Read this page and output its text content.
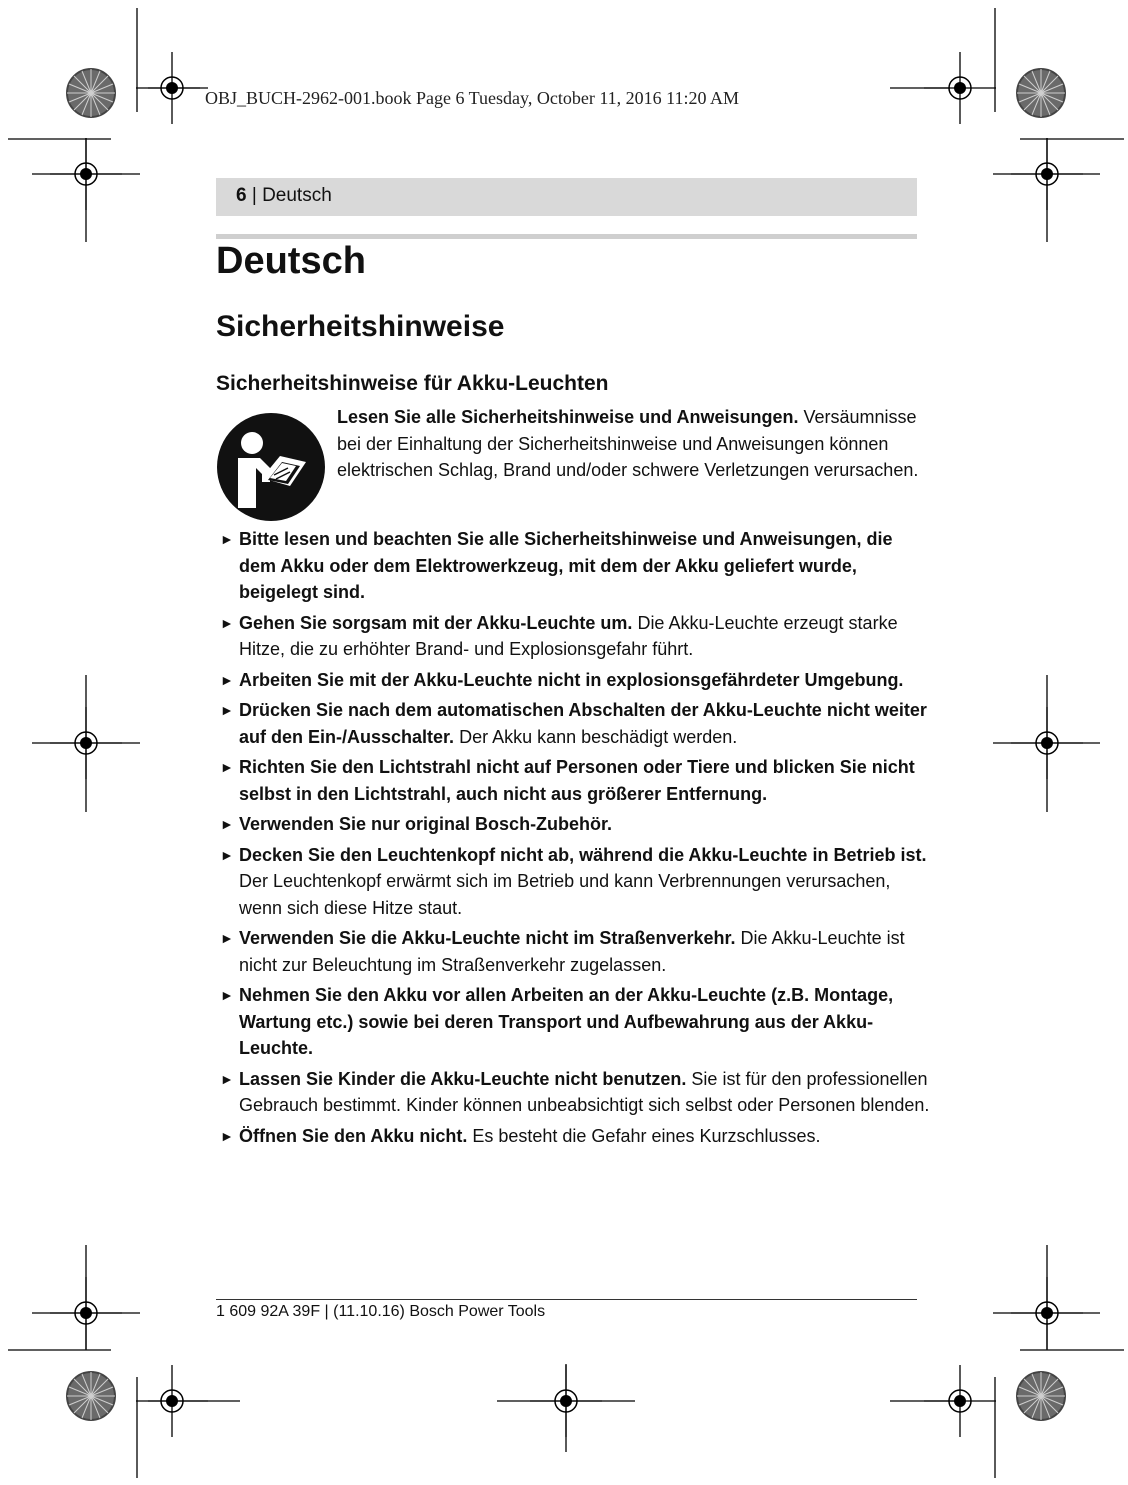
OBJ_BUCH-2962-001.book Page 6 Tuesday, October 11, 2016 11:20 AM
6 | Deutsch
Deutsch
Sicherheitshinweise
Sicherheitshinweise für Akku-Leuchten
Lesen Sie alle Sicherheitshinweise und Anweisungen. Versäumnisse bei der Einhaltung der Sicherheitshinweise und Anweisungen können elektrischen Schlag, Brand und/oder schwere Verletzungen verursachen.
► Bitte lesen und beachten Sie alle Sicherheitshinweise und Anweisungen, die dem Akku oder dem Elektrowerkzeug, mit dem der Akku geliefert wurde, beigelegt sind.
► Gehen Sie sorgsam mit der Akku-Leuchte um. Die Akku-Leuchte erzeugt starke Hitze, die zu erhöhter Brand- und Explosionsgefahr führt.
► Arbeiten Sie mit der Akku-Leuchte nicht in explosionsgefährdeter Umgebung.
► Drücken Sie nach dem automatischen Abschalten der Akku-Leuchte nicht weiter auf den Ein-/Ausschalter. Der Akku kann beschädigt werden.
► Richten Sie den Lichtstrahl nicht auf Personen oder Tiere und blicken Sie nicht selbst in den Lichtstrahl, auch nicht aus größerer Entfernung.
► Verwenden Sie nur original Bosch-Zubehör.
► Decken Sie den Leuchtenkopf nicht ab, während die Akku-Leuchte in Betrieb ist. Der Leuchtenkopf erwärmt sich im Betrieb und kann Verbrennungen verursachen, wenn sich diese Hitze staut.
► Verwenden Sie die Akku-Leuchte nicht im Straßenverkehr. Die Akku-Leuchte ist nicht zur Beleuchtung im Straßenverkehr zugelassen.
► Nehmen Sie den Akku vor allen Arbeiten an der Akku-Leuchte (z.B. Montage, Wartung etc.) sowie bei deren Transport und Aufbewahrung aus der Akku-Leuchte.
► Lassen Sie Kinder die Akku-Leuchte nicht benutzen. Sie ist für den professionellen Gebrauch bestimmt. Kinder können unbeabsichtigt sich selbst oder Personen blenden.
► Öffnen Sie den Akku nicht. Es besteht die Gefahr eines Kurzschlusses.
1 609 92A 39F | (11.10.16) Bosch Power Tools
